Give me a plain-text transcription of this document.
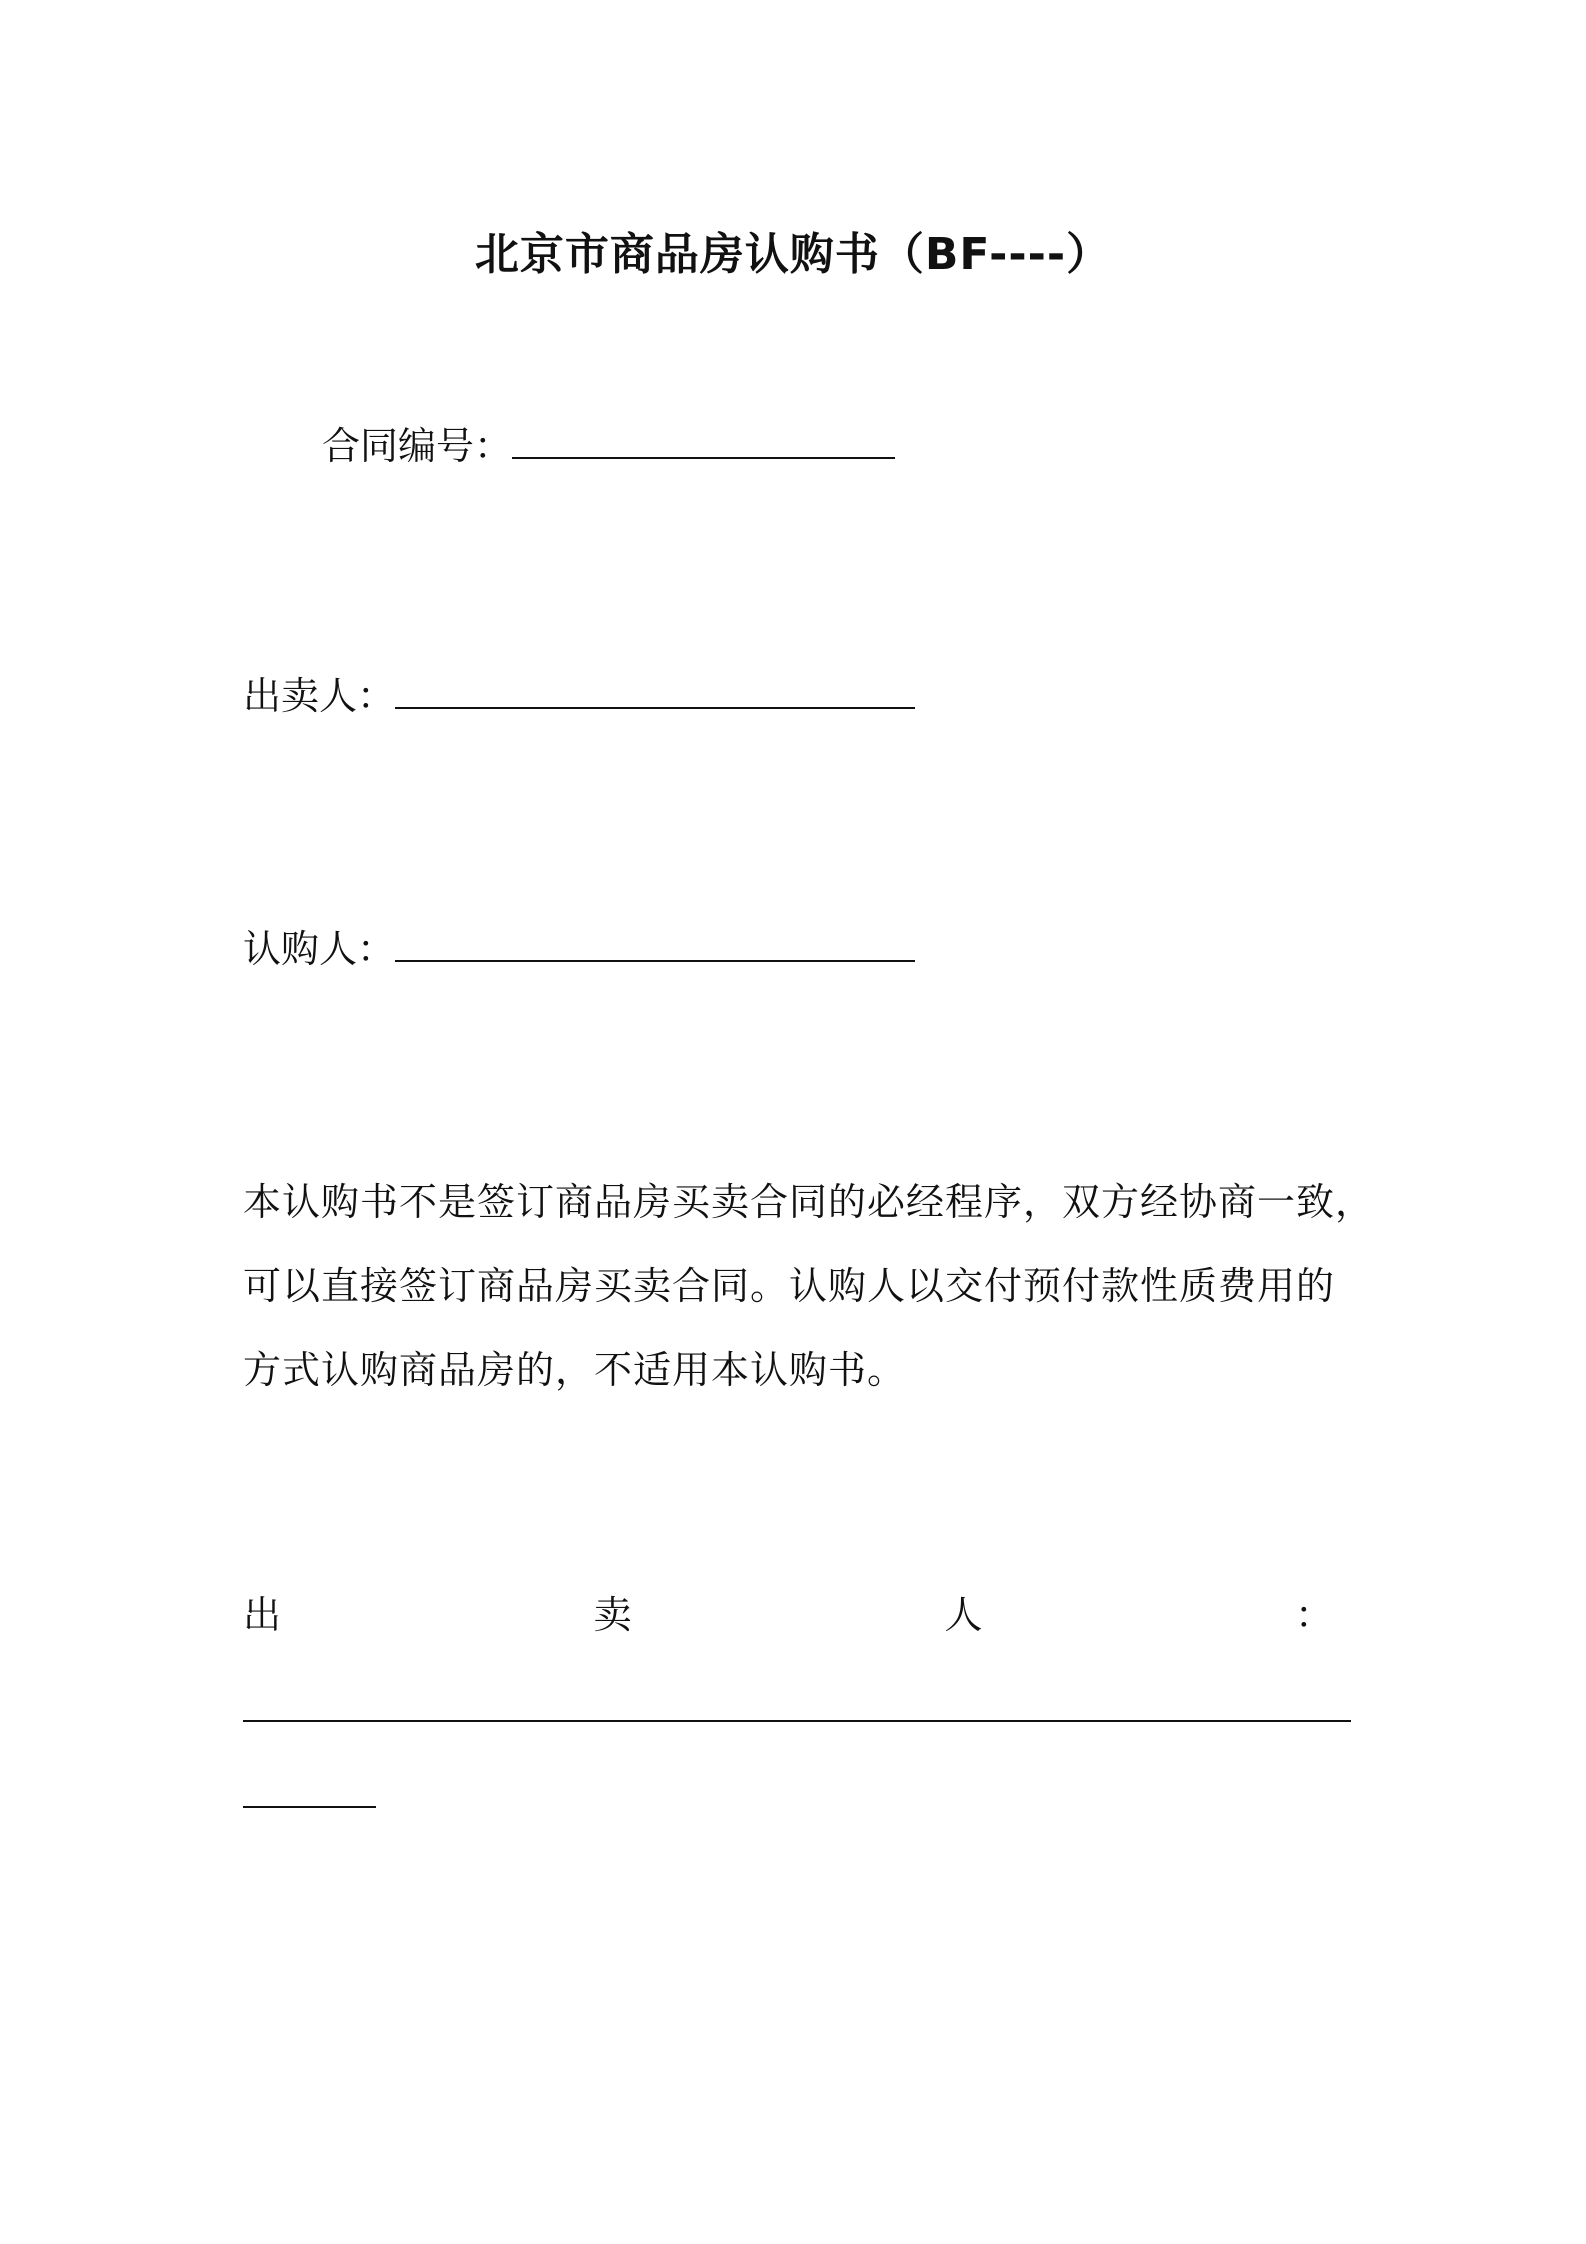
北京市商品房认购书（BF----）
合同编号：
出卖人：
认购人：
本认购书不是签订商品房买卖合同的必经程序，双方经协商一致，
可以直接签订商品房买卖合同。认购人以交付预付款性质费用的
方式认购商品房的，不适用本认购书。
出	卖	人	：
